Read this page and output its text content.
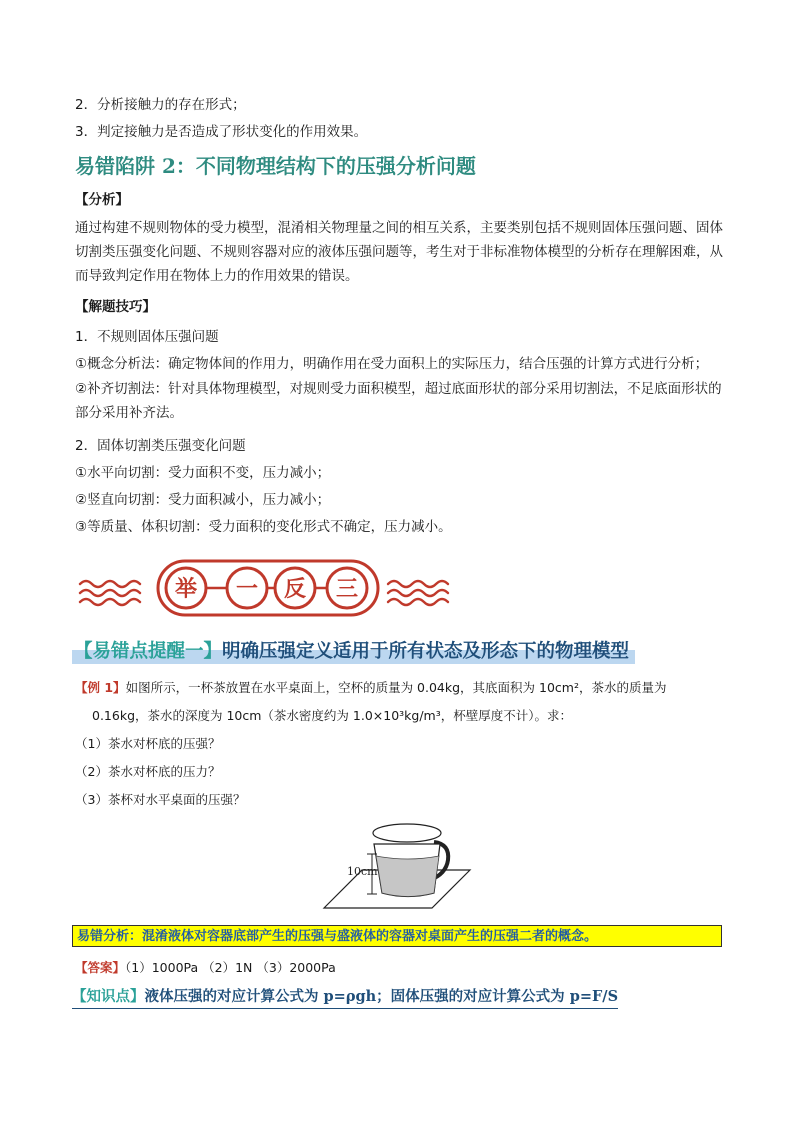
2．分析接触力的存在形式；
3．判定接触力是否造成了形状变化的作用效果。
易错陷阱 2：不同物理结构下的压强分析问题
【分析】
通过构建不规则物体的受力模型，混淆相关物理量之间的相互关系，主要类别包括不规则固体压强问题、固体切割类压强变化问题、不规则容器对应的液体压强问题等，考生对于非标准物体模型的分析存在理解困难，从而导致判定作用在物体上力的作用效果的错误。
【解题技巧】
1．不规则固体压强问题
①概念分析法：确定物体间的作用力，明确作用在受力面积上的实际压力，结合压强的计算方式进行分析；
②补齐切割法：针对具体物理模型，对规则受力面积模型，超过底面形状的部分采用切割法，不足底面形状的部分采用补齐法。
2．固体切割类压强变化问题
①水平向切割：受力面积不变，压力减小；
②竖直向切割：受力面积减小，压力减小；
③等质量、体积切割：受力面积的变化形式不确定，压力减小。
举 一 反 三
【易错点提醒一】 明确压强定义适用于所有状态及形态下的物理模型
【例 1】如图所示，一杯茶放置在水平桌面上，空杯的质量为 0.04kg，其底面积为 10cm²，茶水的质量为
0.16kg，茶水的深度为 10cm（茶水密度约为 1.0×10³kg/m³，杯壁厚度不计）。求：
（1）茶水对杯底的压强？
（2）茶水对杯底的压力？
（3）茶杯对水平桌面的压强？
10cm
易错分析：混淆液体对容器底部产生的压强与盛液体的容器对桌面产生的压强二者的概念。
【答案】（1）1000Pa （2）1N （3）2000Pa
【知识点】液体压强的对应计算公式为 p=ρgh；固体压强的对应计算公式为 p=F/S
